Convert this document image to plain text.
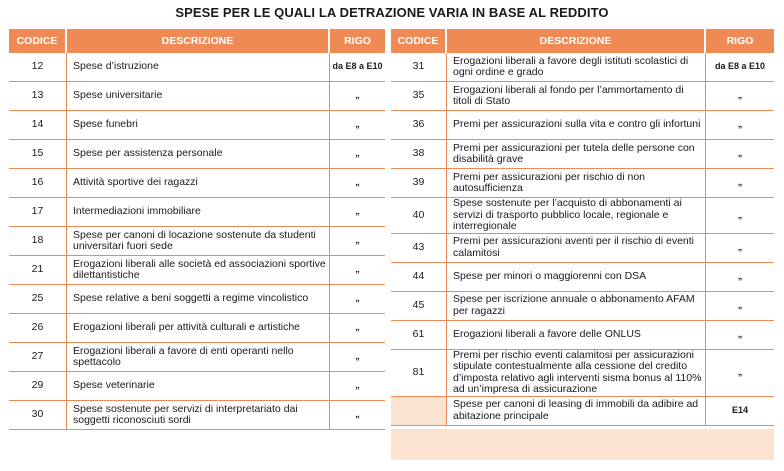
SPESE PER LE QUALI LA DETRAZIONE VARIA IN BASE AL REDDITO
CODICE	DESCRIZIONE	RIGO
12	Spese d’istruzione	da E8 a E10
13	Spese universitarie	„
14	Spese funebri	„
15	Spese per assistenza personale	„
16	Attività sportive dei ragazzi	„
17	Intermediazioni immobiliare	„
18	Spese per canoni di locazione sostenute da studenti universitari fuori sede	„
21	Erogazioni liberali alle società ed associazioni sportive dilettantistiche	„
25	Spese relative a beni soggetti a regime vincolistico	„
26	Erogazioni liberali per attività culturali e artistiche	„
27	Erogazioni liberali a favore di enti operanti nello spettacolo	„
29	Spese veterinarie	„
30	Spese sostenute per servizi di interpretariato dai soggetti riconosciuti sordi	„
CODICE	DESCRIZIONE	RIGO
31	Erogazioni liberali a favore degli istituti scolastici di ogni ordine e grado	da E8 a E10
35	Erogazioni liberali al fondo per l’ammortamento di titoli di Stato	„
36	Premi per assicurazioni sulla vita e contro gli infortuni	„
38	Premi per assicurazioni per tutela delle persone con disabilità grave	„
39	Premi per assicurazioni per rischio di non autosufficienza	„
40	Spese sostenute per l’acquisto di abbonamenti ai servizi di trasporto pubblico locale, regionale e interregionale	„
43	Premi per assicurazioni aventi per il rischio di eventi calamitosi	„
44	Spese per minori o maggiorenni con DSA	„
45	Spese per iscrizione annuale o abbonamento AFAM per ragazzi	„
61	Erogazioni liberali a favore delle ONLUS	„
81	Premi per rischio eventi calamitosi per assicurazioni stipulate contestualmente alla cessione del credito d’imposta relativo agli interventi sisma bonus al 110% ad un’impresa di assicurazione	„
	Spese per canoni di leasing di immobili da adibire ad abitazione principale	E14
